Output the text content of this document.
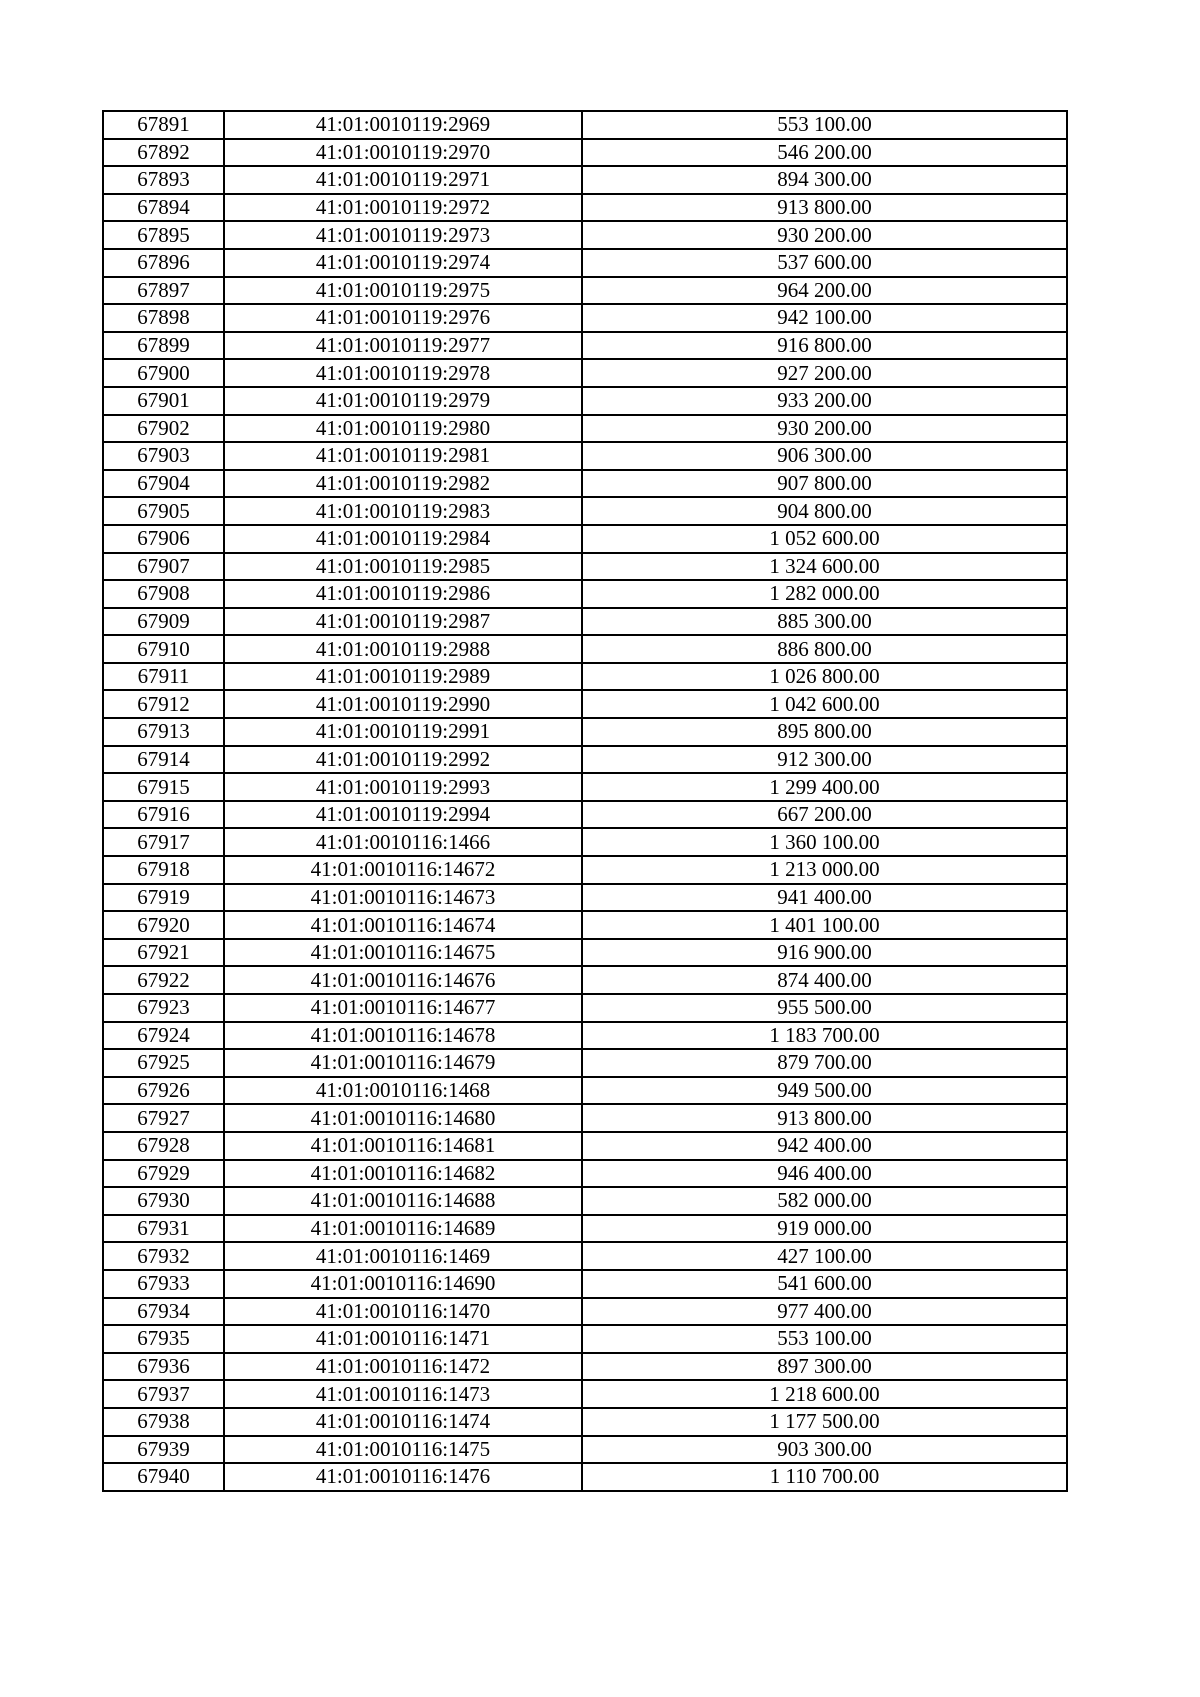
67891	41:01:0010119:2969	553 100.00
67892	41:01:0010119:2970	546 200.00
67893	41:01:0010119:2971	894 300.00
67894	41:01:0010119:2972	913 800.00
67895	41:01:0010119:2973	930 200.00
67896	41:01:0010119:2974	537 600.00
67897	41:01:0010119:2975	964 200.00
67898	41:01:0010119:2976	942 100.00
67899	41:01:0010119:2977	916 800.00
67900	41:01:0010119:2978	927 200.00
67901	41:01:0010119:2979	933 200.00
67902	41:01:0010119:2980	930 200.00
67903	41:01:0010119:2981	906 300.00
67904	41:01:0010119:2982	907 800.00
67905	41:01:0010119:2983	904 800.00
67906	41:01:0010119:2984	1 052 600.00
67907	41:01:0010119:2985	1 324 600.00
67908	41:01:0010119:2986	1 282 000.00
67909	41:01:0010119:2987	885 300.00
67910	41:01:0010119:2988	886 800.00
67911	41:01:0010119:2989	1 026 800.00
67912	41:01:0010119:2990	1 042 600.00
67913	41:01:0010119:2991	895 800.00
67914	41:01:0010119:2992	912 300.00
67915	41:01:0010119:2993	1 299 400.00
67916	41:01:0010119:2994	667 200.00
67917	41:01:0010116:1466	1 360 100.00
67918	41:01:0010116:14672	1 213 000.00
67919	41:01:0010116:14673	941 400.00
67920	41:01:0010116:14674	1 401 100.00
67921	41:01:0010116:14675	916 900.00
67922	41:01:0010116:14676	874 400.00
67923	41:01:0010116:14677	955 500.00
67924	41:01:0010116:14678	1 183 700.00
67925	41:01:0010116:14679	879 700.00
67926	41:01:0010116:1468	949 500.00
67927	41:01:0010116:14680	913 800.00
67928	41:01:0010116:14681	942 400.00
67929	41:01:0010116:14682	946 400.00
67930	41:01:0010116:14688	582 000.00
67931	41:01:0010116:14689	919 000.00
67932	41:01:0010116:1469	427 100.00
67933	41:01:0010116:14690	541 600.00
67934	41:01:0010116:1470	977 400.00
67935	41:01:0010116:1471	553 100.00
67936	41:01:0010116:1472	897 300.00
67937	41:01:0010116:1473	1 218 600.00
67938	41:01:0010116:1474	1 177 500.00
67939	41:01:0010116:1475	903 300.00
67940	41:01:0010116:1476	1 110 700.00
